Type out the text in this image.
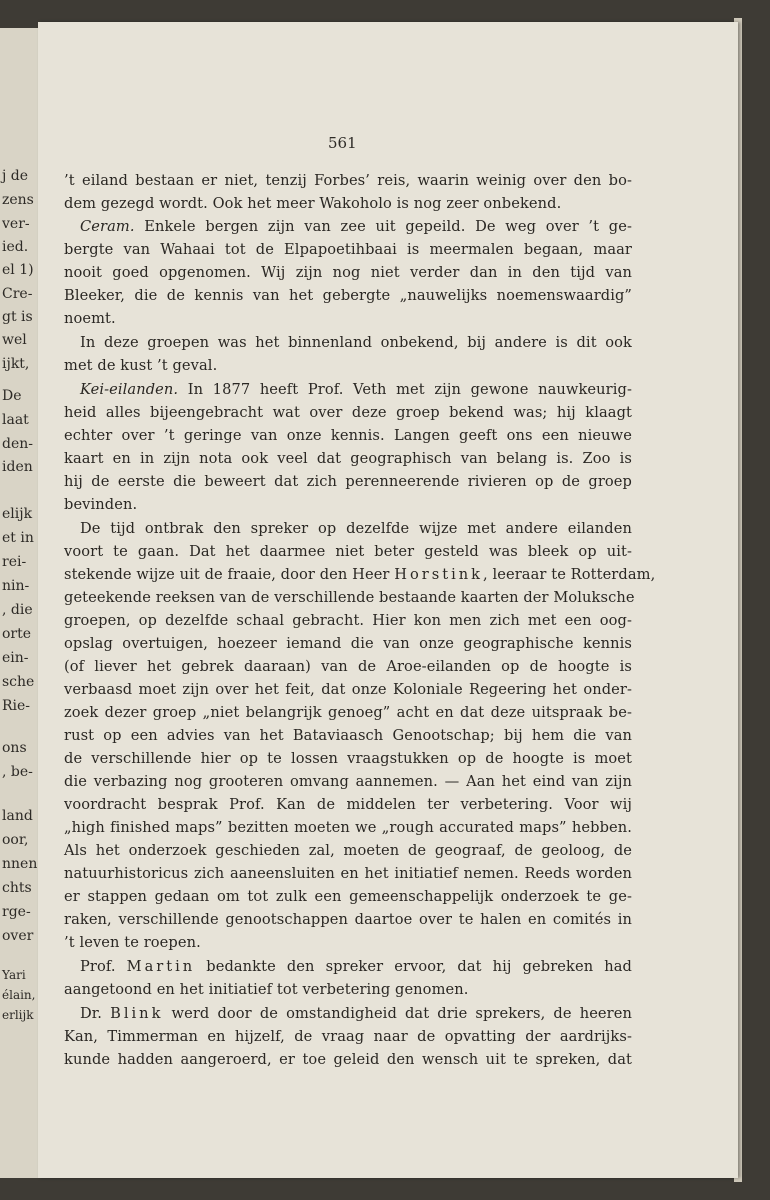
j de
zens
ver-
ied.
el 1)
Cre-
gt is
wel
ijkt,
De
laat
den-
iden
elijk
et in
rei-
nin-
, die
orte
ein-
sche
Rie-
ons
, be-
land
oor,
nnen
chts
rge-
over
Yari
élain,
erlijk
561
’t eiland bestaan er niet, tenzij Forbes’ reis, waarin weinig over den bo-
dem gezegd wordt. Ook het meer Wakoholo is nog zeer onbekend.
Ceram. Enkele bergen zijn van zee uit gepeild. De weg over ’t ge-
bergte van Wahaai tot de Elpapoetihbaai is meermalen begaan, maar
nooit goed opgenomen. Wij zijn nog niet verder dan in den tijd van
Bleeker, die de kennis van het gebergte „nauwelijks noemenswaardig”
noemt.
In deze groepen was het binnenland onbekend, bij andere is dit ook
met de kust ’t geval.
Kei-eilanden. In 1877 heeft Prof. Veth met zijn gewone nauwkeurig-
heid alles bijeengebracht wat over deze groep bekend was; hij klaagt
echter over ’t geringe van onze kennis. Langen geeft ons een nieuwe
kaart en in zijn nota ook veel dat geographisch van belang is. Zoo is
hij de eerste die beweert dat zich perenneerende rivieren op de groep
bevinden.
De tijd ontbrak den spreker op dezelfde wijze met andere eilanden
voort te gaan. Dat het daarmee niet beter gesteld was bleek op uit-
stekende wijze uit de fraaie, door den Heer Horstink, leeraar te Rotterdam,
geteekende reeksen van de verschillende bestaande kaarten der Moluksche
groepen, op dezelfde schaal gebracht. Hier kon men zich met een oog-
opslag overtuigen, hoezeer iemand die van onze geographische kennis
(of liever het gebrek daaraan) van de Aroe-eilanden op de hoogte is
verbaasd moet zijn over het feit, dat onze Koloniale Regeering het onder-
zoek dezer groep „niet belangrijk genoeg” acht en dat deze uitspraak be-
rust op een advies van het Bataviaasch Genootschap; bij hem die van
de verschillende hier op te lossen vraagstukken op de hoogte is moet
die verbazing nog grooteren omvang aannemen. — Aan het eind van zijn
voordracht besprak Prof. Kan de middelen ter verbetering. Voor wij
„high finished maps” bezitten moeten we „rough accurated maps” hebben.
Als het onderzoek geschieden zal, moeten de geograaf, de geoloog, de
natuurhistoricus zich aaneensluiten en het initiatief nemen. Reeds worden
er stappen gedaan om tot zulk een gemeenschappelijk onderzoek te ge-
raken, verschillende genootschappen daartoe over te halen en comités in
’t leven te roepen.
Prof. Martin bedankte den spreker ervoor, dat hij gebreken had
aangetoond en het initiatief tot verbetering genomen.
Dr. Blink werd door de omstandigheid dat drie sprekers, de heeren
Kan, Timmerman en hijzelf, de vraag naar de opvatting der aardrijks-
kunde hadden aangeroerd, er toe geleid den wensch uit te spreken, dat
